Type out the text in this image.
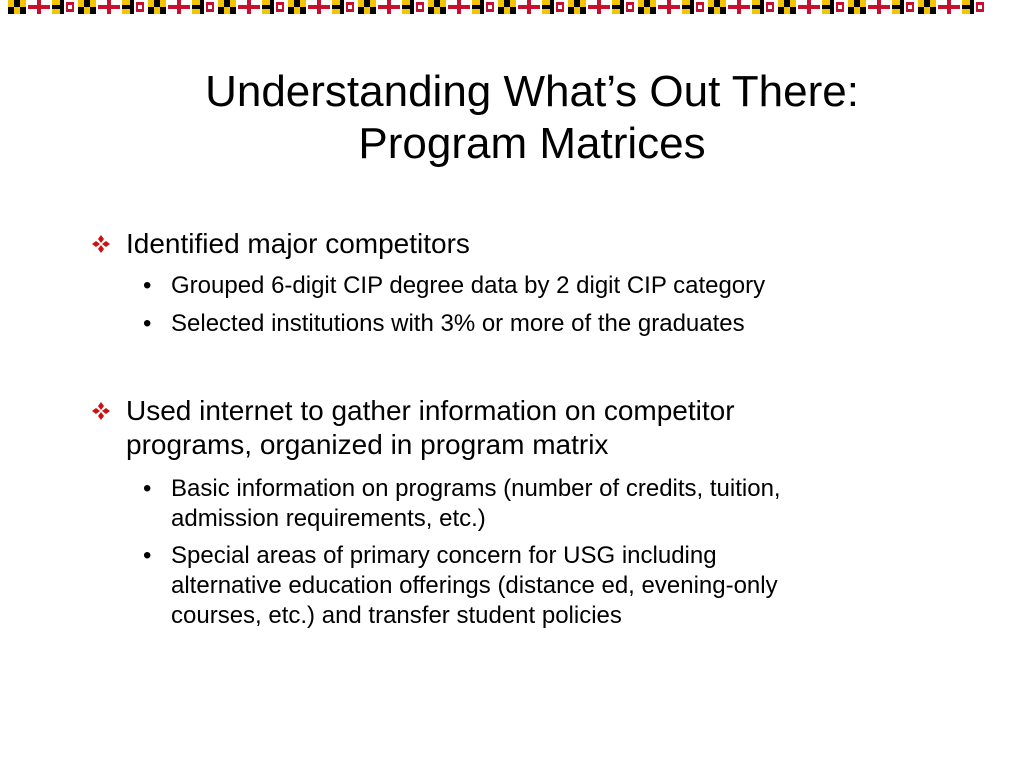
Understanding What’s Out There:
Program Matrices
Identified major competitors
• Grouped 6-digit CIP degree data by 2 digit CIP category
• Selected institutions with 3% or more of the graduates
Used internet to gather information on competitor
programs, organized in program matrix
• Basic information on programs (number of credits, tuition,
admission requirements, etc.)
• Special areas of primary concern for USG including
alternative education offerings (distance ed, evening-only
courses, etc.) and transfer student policies
